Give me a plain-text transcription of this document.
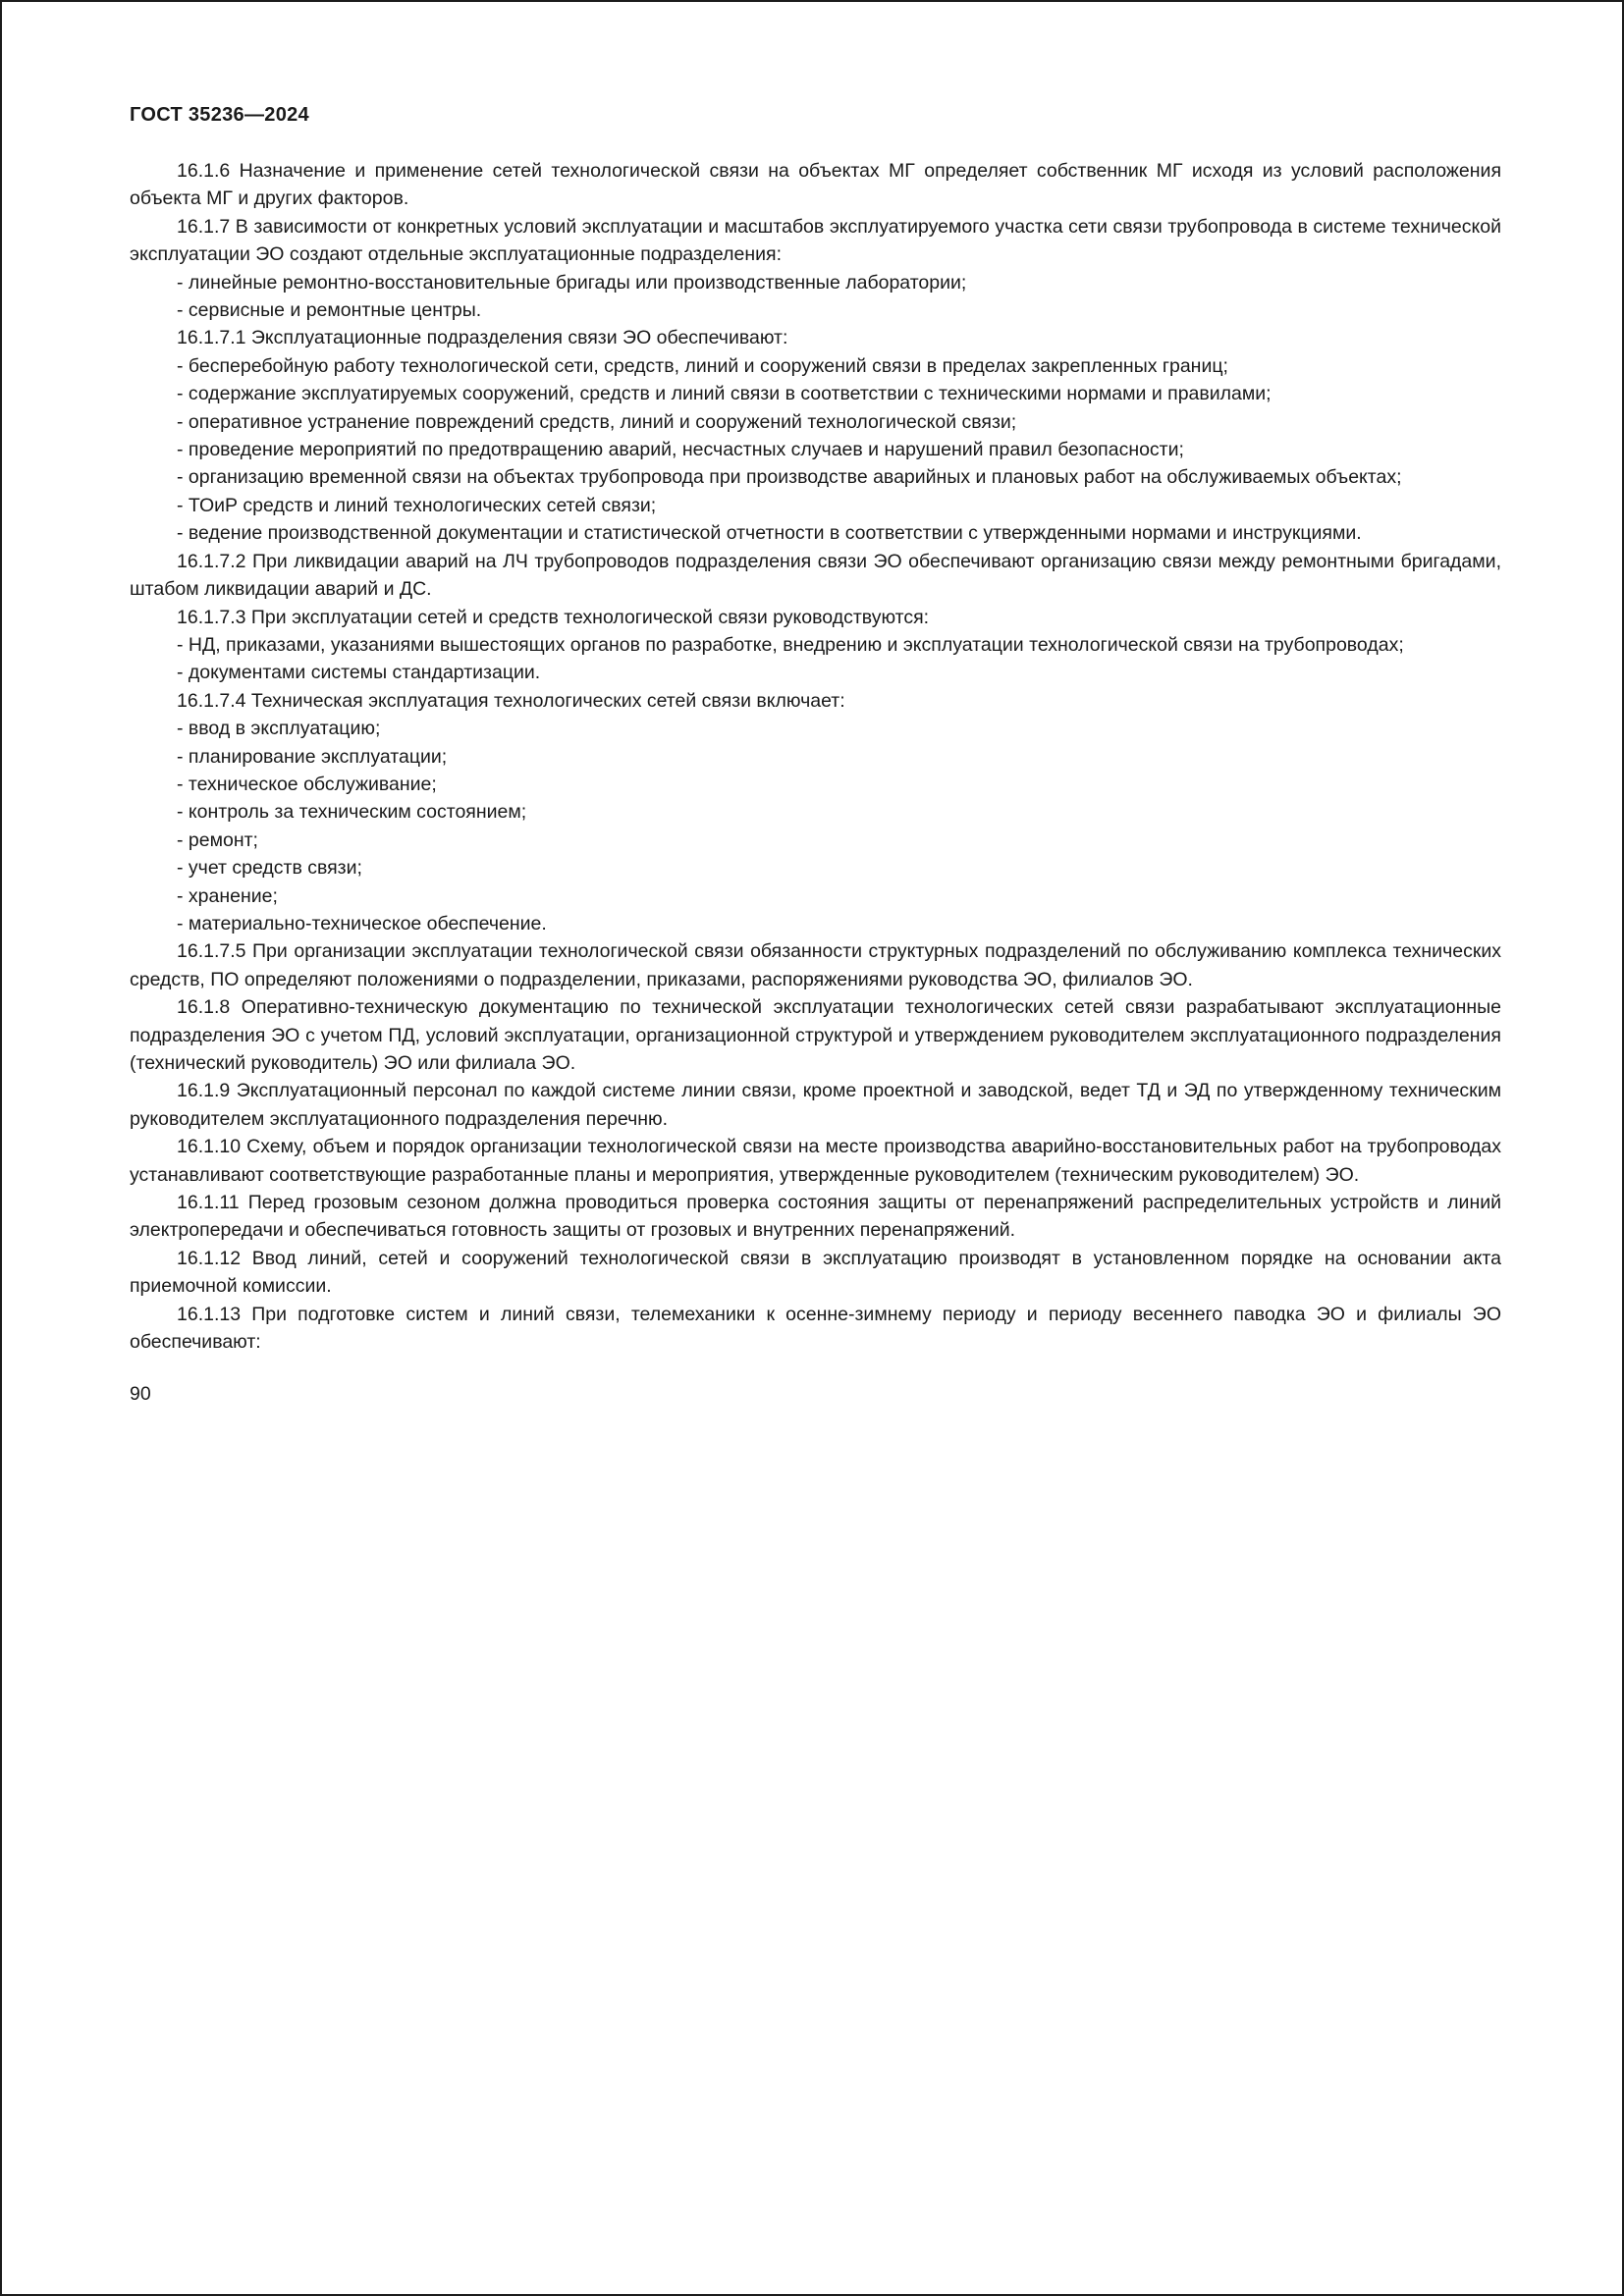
ГОСТ 35236—2024

16.1.6 Назначение и применение сетей технологической связи на объектах МГ определяет собственник МГ исходя из условий расположения объекта МГ и других факторов.

16.1.7 В зависимости от конкретных условий эксплуатации и масштабов эксплуатируемого участка сети связи трубопровода в системе технической эксплуатации ЭО создают отдельные эксплуатационные подразделения:

- линейные ремонтно-восстановительные бригады или производственные лаборатории;

- сервисные и ремонтные центры.

16.1.7.1 Эксплуатационные подразделения связи ЭО обеспечивают:

- бесперебойную работу технологической сети, средств, линий и сооружений связи в пределах закрепленных границ;

- содержание эксплуатируемых сооружений, средств и линий связи в соответствии с техническими нормами и правилами;

- оперативное устранение повреждений средств, линий и сооружений технологической связи;

- проведение мероприятий по предотвращению аварий, несчастных случаев и нарушений правил безопасности;

- организацию временной связи на объектах трубопровода при производстве аварийных и плановых работ на обслуживаемых объектах;

- ТОиР средств и линий технологических сетей связи;

- ведение производственной документации и статистической отчетности в соответствии с утвержденными нормами и инструкциями.

16.1.7.2 При ликвидации аварий на ЛЧ трубопроводов подразделения связи ЭО обеспечивают организацию связи между ремонтными бригадами, штабом ликвидации аварий и ДС.

16.1.7.3 При эксплуатации сетей и средств технологической связи руководствуются:

- НД, приказами, указаниями вышестоящих органов по разработке, внедрению и эксплуатации технологической связи на трубопроводах;

- документами системы стандартизации.

16.1.7.4 Техническая эксплуатация технологических сетей связи включает:

- ввод в эксплуатацию;

- планирование эксплуатации;

- техническое обслуживание;

- контроль за техническим состоянием;

- ремонт;

- учет средств связи;

- хранение;

- материально-техническое обеспечение.

16.1.7.5 При организации эксплуатации технологической связи обязанности структурных подразделений по обслуживанию комплекса технических средств, ПО определяют положениями о подразделении, приказами, распоряжениями руководства ЭО, филиалов ЭО.

16.1.8 Оперативно-техническую документацию по технической эксплуатации технологических сетей связи разрабатывают эксплуатационные подразделения ЭО с учетом ПД, условий эксплуатации, организационной структурой и утверждением руководителем эксплуатационного подразделения (технический руководитель) ЭО или филиала ЭО.

16.1.9 Эксплуатационный персонал по каждой системе линии связи, кроме проектной и заводской, ведет ТД и ЭД по утвержденному техническим руководителем эксплуатационного подразделения перечню.

16.1.10 Схему, объем и порядок организации технологической связи на месте производства аварийно-восстановительных работ на трубопроводах устанавливают соответствующие разработанные планы и мероприятия, утвержденные руководителем (техническим руководителем) ЭО.

16.1.11 Перед грозовым сезоном должна проводиться проверка состояния защиты от перенапряжений распределительных устройств и линий электропередачи и обеспечиваться готовность защиты от грозовых и внутренних перенапряжений.

16.1.12 Ввод линий, сетей и сооружений технологической связи в эксплуатацию производят в установленном порядке на основании акта приемочной комиссии.

16.1.13 При подготовке систем и линий связи, телемеханики к осенне-зимнему периоду и периоду весеннего паводка ЭО и филиалы ЭО обеспечивают:

90
